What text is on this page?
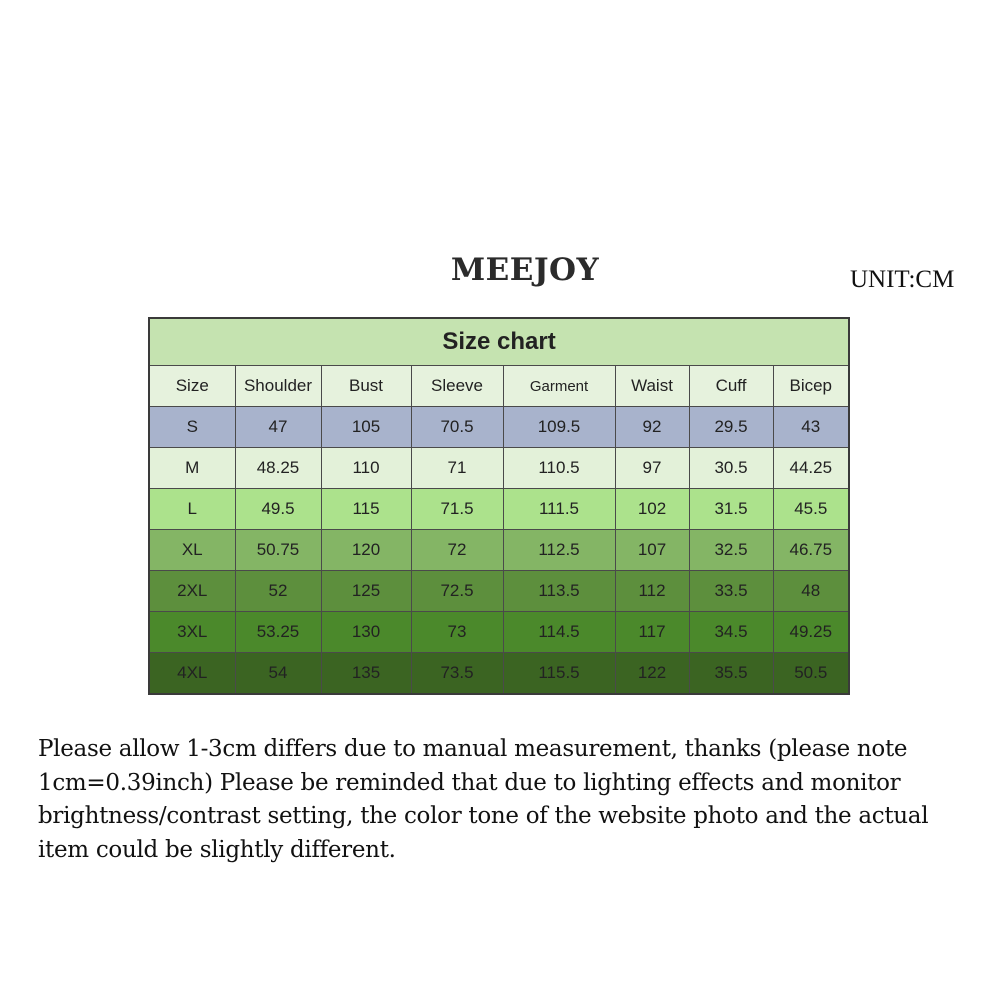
MEEJOY	UNIT:CM
Size chart							
Size	Shoulder	Bust	Sleeve	Garment	Waist	Cuff	Bicep
S	47	105	70.5	109.5	92	29.5	43
M	48.25	110	71	110.5	97	30.5	44.25
L	49.5	115	71.5	111.5	102	31.5	45.5
XL	50.75	120	72	112.5	107	32.5	46.75
2XL	52	125	72.5	113.5	112	33.5	48
3XL	53.25	130	73	114.5	117	34.5	49.25
4XL	54	135	73.5	115.5	122	35.5	50.5
Please allow 1-3cm differs due to manual measurement, thanks (please note 1cm=0.39inch) Please be reminded that due to lighting effects and monitor brightness/contrast setting, the color tone of the website photo and the actual item could be slightly different.
